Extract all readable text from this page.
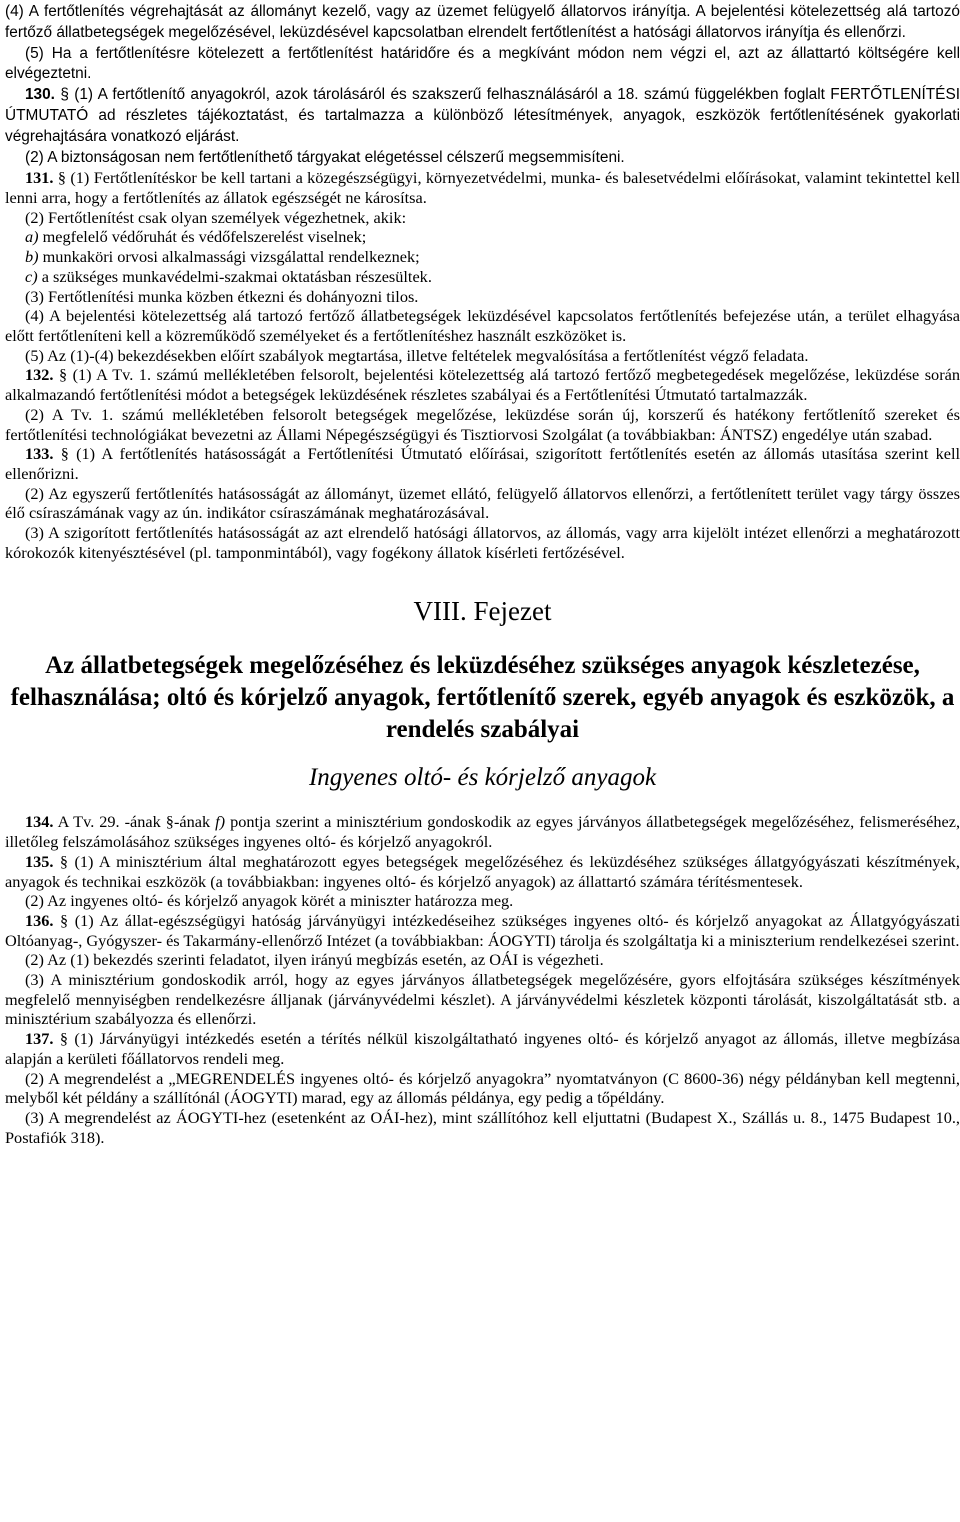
(4) A fertőtlenítés végrehajtását az állományt kezelő, vagy az üzemet felügyelő állatorvos irányítja. A bejelentési kötelezettség alá tartozó fertőző állatbetegségek megelőzésével, leküzdésével kapcsolatban elrendelt fertőtlenítést a hatósági állatorvos irányítja és ellenőrzi.

(5) Ha a fertőtlenítésre kötelezett a fertőtlenítést határidőre és a megkívánt módon nem végzi el, azt az állattartó költségére kell elvégeztetni.

130. § (1) A fertőtlenítő anyagokról, azok tárolásáról és szakszerű felhasználásáról a 18. számú függelékben foglalt FERTŐTLENÍTÉSI ÚTMUTATÓ ad részletes tájékoztatást, és tartalmazza a különböző létesítmények, anyagok, eszközök fertőtlenítésének gyakorlati végrehajtására vonatkozó eljárást.

(2) A biztonságosan nem fertőtleníthető tárgyakat elégetéssel célszerű megsemmisíteni.

131. § (1) Fertőtlenítéskor be kell tartani a közegészségügyi, környezetvédelmi, munka- és balesetvédelmi előírásokat, valamint tekintettel kell lenni arra, hogy a fertőtlenítés az állatok egészségét ne károsítsa.

(2) Fertőtlenítést csak olyan személyek végezhetnek, akik:

a) megfelelő védőruhát és védőfelszerelést viselnek;

b) munkaköri orvosi alkalmassági vizsgálattal rendelkeznek;

c) a szükséges munkavédelmi-szakmai oktatásban részesültek.

(3) Fertőtlenítési munka közben étkezni és dohányozni tilos.

(4) A bejelentési kötelezettség alá tartozó fertőző állatbetegségek leküzdésével kapcsolatos fertőtlenítés befejezése után, a terület elhagyása előtt fertőtleníteni kell a közreműködő személyeket és a fertőtlenítéshez használt eszközöket is.

(5) Az (1)-(4) bekezdésekben előírt szabályok megtartása, illetve feltételek megvalósítása a fertőtlenítést végző feladata.

132. § (1) A Tv. 1. számú mellékletében felsorolt, bejelentési kötelezettség alá tartozó fertőző megbetegedések megelőzése, leküzdése során alkalmazandó fertőtlenítési módot a betegségek leküzdésének részletes szabályai és a Fertőtlenítési Útmutató tartalmazzák.

(2) A Tv. 1. számú mellékletében felsorolt betegségek megelőzése, leküzdése során új, korszerű és hatékony fertőtlenítő szereket és fertőtlenítési technológiákat bevezetni az Állami Népegészségügyi és Tisztiorvosi Szolgálat (a továbbiakban: ÁNTSZ) engedélye után szabad.

133. § (1) A fertőtlenítés hatásosságát a Fertőtlenítési Útmutató előírásai, szigorított fertőtlenítés esetén az állomás utasítása szerint kell ellenőrizni.

(2) Az egyszerű fertőtlenítés hatásosságát az állományt, üzemet ellátó, felügyelő állatorvos ellenőrzi, a fertőtlenített terület vagy tárgy összes élő csíraszámának vagy az ún. indikátor csíraszámának meghatározásával.

(3) A szigorított fertőtlenítés hatásosságát az azt elrendelő hatósági állatorvos, az állomás, vagy arra kijelölt intézet ellenőrzi a meghatározott kórokozók kitenyésztésével (pl. tamponmintából), vagy fogékony állatok kísérleti fertőzésével.

VIII. Fejezet

Az állatbetegségek megelőzéséhez és leküzdéséhez szükséges anyagok készletezése, felhasználása; oltó és kórjelző anyagok, fertőtlenítő szerek, egyéb anyagok és eszközök, a rendelés szabályai

Ingyenes oltó- és kórjelző anyagok

134. A Tv. 29. -ának §-ának f) pontja szerint a minisztérium gondoskodik az egyes járványos állatbetegségek megelőzéséhez, felismeréséhez, illetőleg felszámolásához szükséges ingyenes oltó- és kórjelző anyagokról.

135. § (1) A minisztérium által meghatározott egyes betegségek megelőzéséhez és leküzdéséhez szükséges állatgyógyászati készítmények, anyagok és technikai eszközök (a továbbiakban: ingyenes oltó- és kórjelző anyagok) az állattartó számára térítésmentesek.

(2) Az ingyenes oltó- és kórjelző anyagok körét a miniszter határozza meg.

136. § (1) Az állat-egészségügyi hatóság járványügyi intézkedéseihez szükséges ingyenes oltó- és kórjelző anyagokat az Állatgyógyászati Oltóanyag-, Gyógyszer- és Takarmány-ellenőrző Intézet (a továbbiakban: ÁOGYTI) tárolja és szolgáltatja ki a miniszterium rendelkezései szerint.

(2) Az (1) bekezdés szerinti feladatot, ilyen irányú megbízás esetén, az OÁI is végezheti.

(3) A minisztérium gondoskodik arról, hogy az egyes járványos állatbetegségek megelőzésére, gyors elfojtására szükséges készítmények megfelelő mennyiségben rendelkezésre álljanak (járványvédelmi készlet). A járványvédelmi készletek központi tárolását, kiszolgáltatását stb. a minisztérium szabályozza és ellenőrzi.

137. § (1) Járványügyi intézkedés esetén a térítés nélkül kiszolgáltatható ingyenes oltó- és kórjelző anyagot az állomás, illetve megbízása alapján a kerületi főállatorvos rendeli meg.

(2) A megrendelést a „MEGRENDELÉS ingyenes oltó- és kórjelző anyagokra” nyomtatványon (C 8600-36) négy példányban kell megtenni, melyből két példány a szállítónál (ÁOGYTI) marad, egy az állomás példánya, egy pedig a tőpéldány.

(3) A megrendelést az ÁOGYTI-hez (esetenként az OÁI-hez), mint szállítóhoz kell eljuttatni (Budapest X., Szállás u. 8., 1475 Budapest 10., Postafiók 318).
